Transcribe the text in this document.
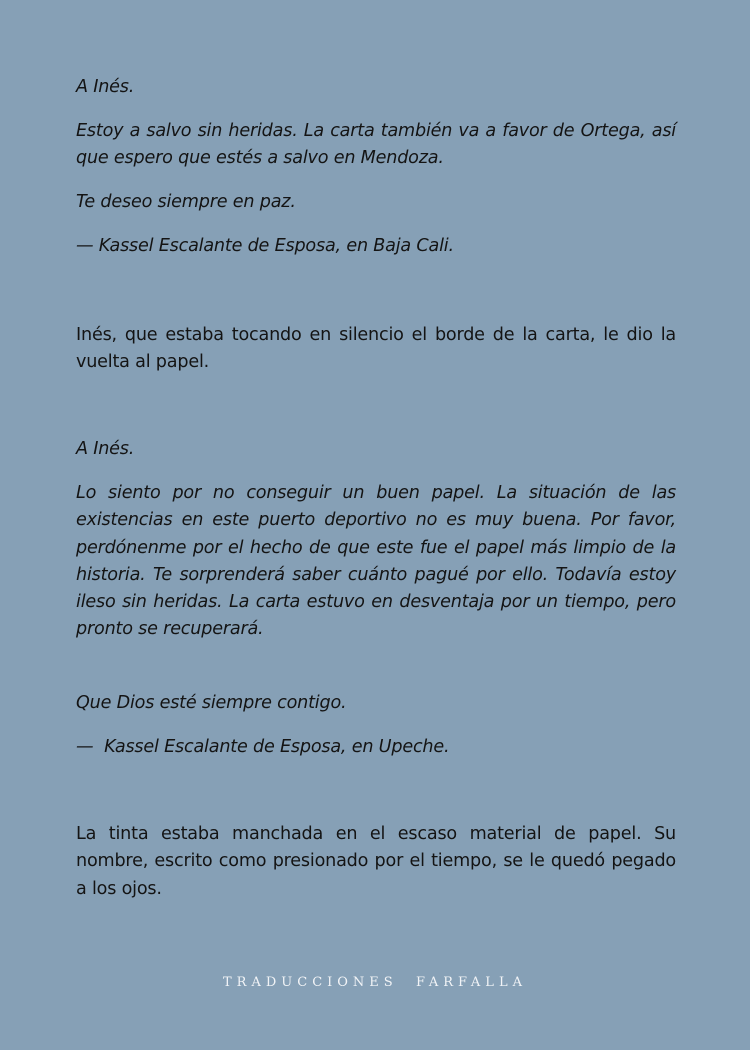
A Inés.

Estoy a salvo sin heridas. La carta también va a favor de Ortega, así que espero que estés a salvo en Mendoza.

Te deseo siempre en paz.

— Kassel Escalante de Esposa, en Baja Cali.

Inés, que estaba tocando en silencio el borde de la carta, le dio la vuelta al papel.

A Inés.

Lo siento por no conseguir un buen papel. La situación de las existencias en este puerto deportivo no es muy buena. Por favor, perdónenme por el hecho de que este fue el papel más limpio de la historia. Te sorprenderá saber cuánto pagué por ello. Todavía estoy ileso sin heridas. La carta estuvo en desventaja por un tiempo, pero pronto se recuperará.

Que Dios esté siempre contigo.

—  Kassel Escalante de Esposa, en Upeche.

La tinta estaba manchada en el escaso material de papel. Su nombre, escrito como presionado por el tiempo, se le quedó pegado a los ojos.

TRADUCCIONES  FARFALLA
